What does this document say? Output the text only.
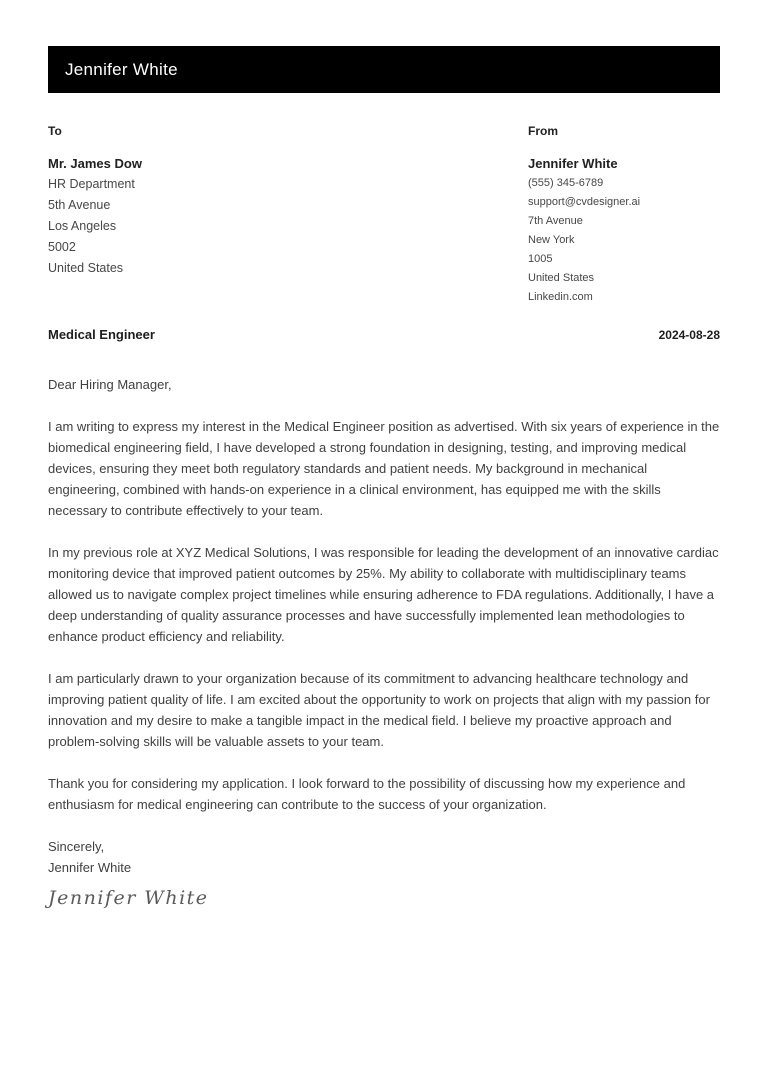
Jennifer White
To
Mr. James Dow
HR Department
5th Avenue
Los Angeles
5002
United States
From
Jennifer White
(555) 345-6789
support@cvdesigner.ai
7th Avenue
New York
1005
United States
Linkedin.com
Medical Engineer	2024-08-28

Dear Hiring Manager,

I am writing to express my interest in the Medical Engineer position as advertised. With six years of experience in the biomedical engineering field, I have developed a strong foundation in designing, testing, and improving medical devices, ensuring they meet both regulatory standards and patient needs. My background in mechanical engineering, combined with hands-on experience in a clinical environment, has equipped me with the skills necessary to contribute effectively to your team.

In my previous role at XYZ Medical Solutions, I was responsible for leading the development of an innovative cardiac monitoring device that improved patient outcomes by 25%. My ability to collaborate with multidisciplinary teams allowed us to navigate complex project timelines while ensuring adherence to FDA regulations. Additionally, I have a deep understanding of quality assurance processes and have successfully implemented lean methodologies to enhance product efficiency and reliability.

I am particularly drawn to your organization because of its commitment to advancing healthcare technology and improving patient quality of life. I am excited about the opportunity to work on projects that align with my passion for innovation and my desire to make a tangible impact in the medical field. I believe my proactive approach and problem-solving skills will be valuable assets to your team.

Thank you for considering my application. I look forward to the possibility of discussing how my experience and enthusiasm for medical engineering can contribute to the success of your organization.

Sincerely,

Jennifer White

Jennifer White
